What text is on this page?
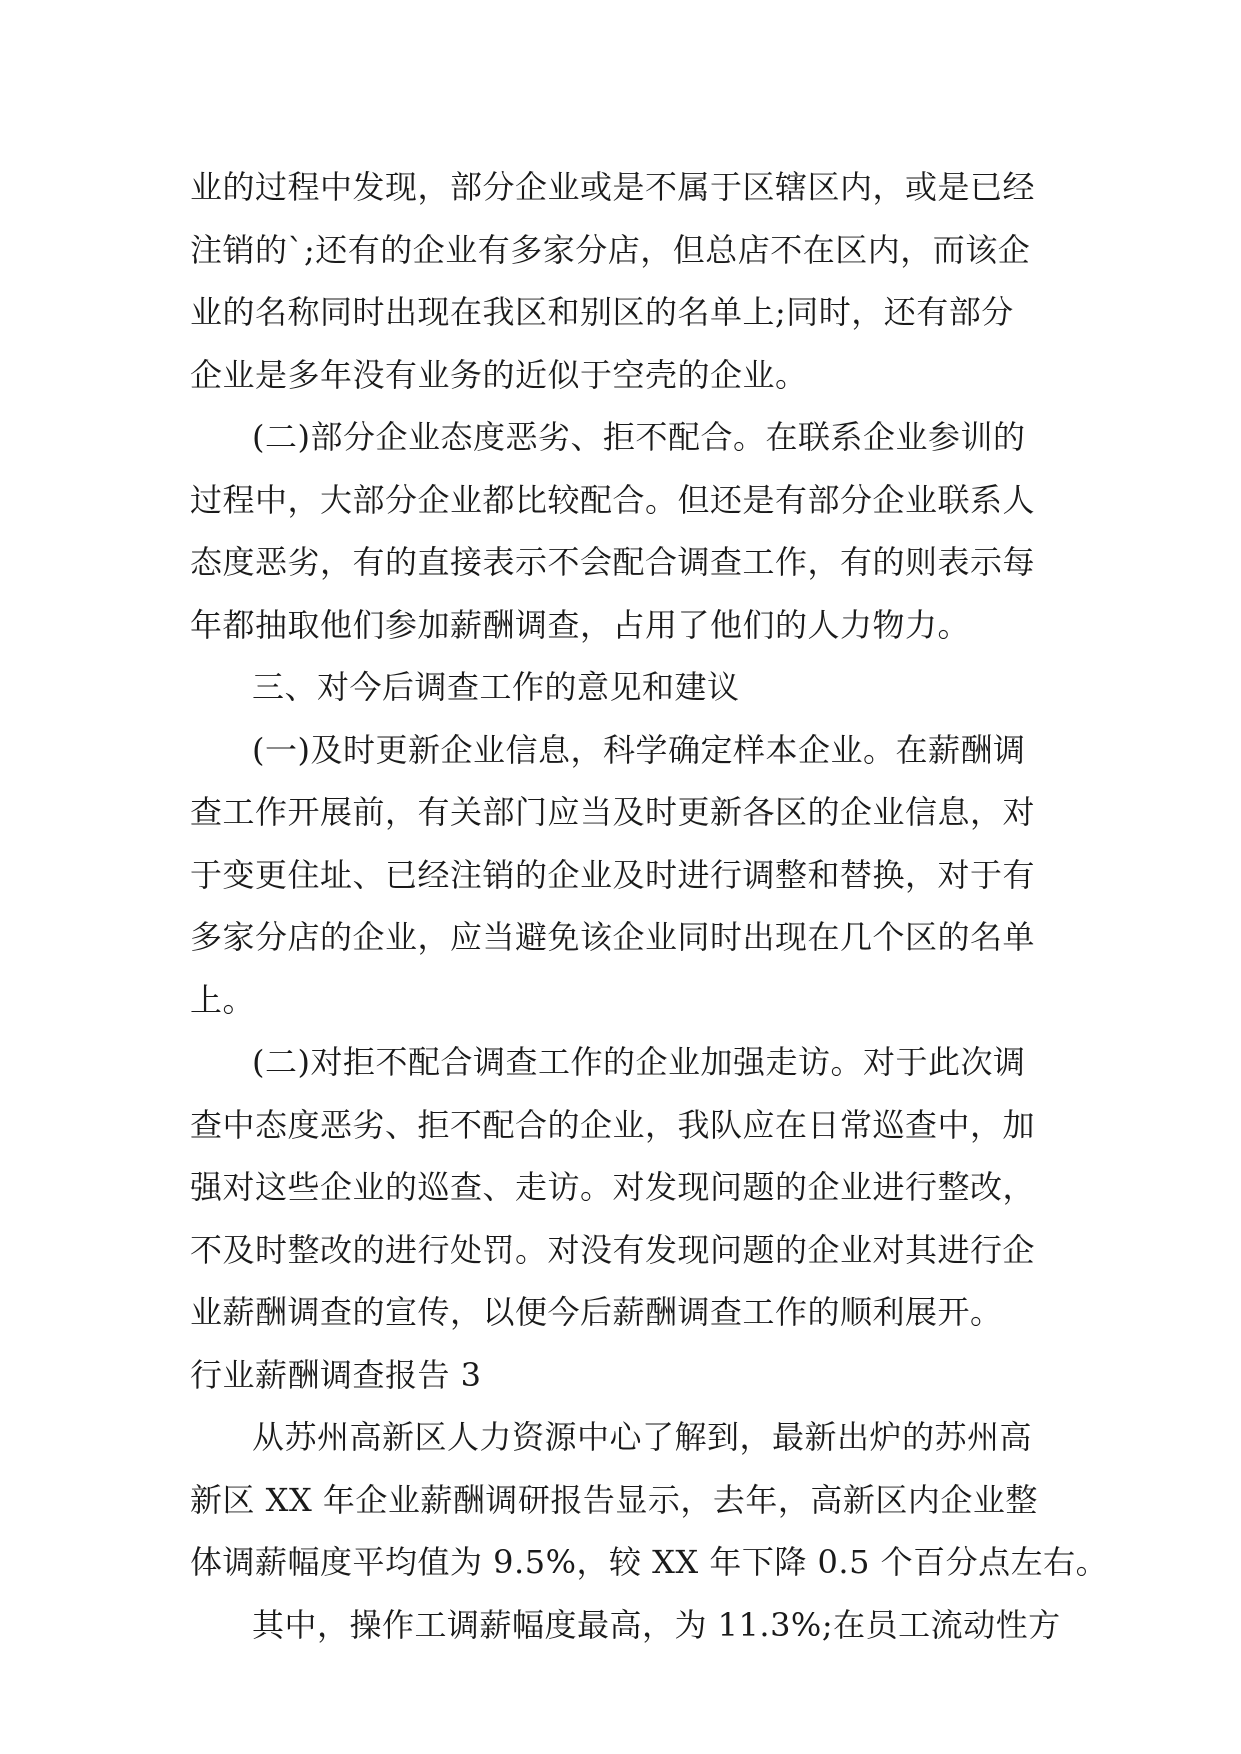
业的过程中发现，部分企业或是不属于区辖区内，或是已经
注销的`;还有的企业有多家分店，但总店不在区内，而该企
业的名称同时出现在我区和别区的名单上;同时，还有部分
企业是多年没有业务的近似于空壳的企业。
(二)部分企业态度恶劣、拒不配合。在联系企业参训的
过程中，大部分企业都比较配合。但还是有部分企业联系人
态度恶劣，有的直接表示不会配合调查工作，有的则表示每
年都抽取他们参加薪酬调查，占用了他们的人力物力。
三、对今后调查工作的意见和建议
(一)及时更新企业信息，科学确定样本企业。在薪酬调
查工作开展前，有关部门应当及时更新各区的企业信息，对
于变更住址、已经注销的企业及时进行调整和替换，对于有
多家分店的企业，应当避免该企业同时出现在几个区的名单
上。
(二)对拒不配合调查工作的企业加强走访。对于此次调
查中态度恶劣、拒不配合的企业，我队应在日常巡查中，加
强对这些企业的巡查、走访。对发现问题的企业进行整改，
不及时整改的进行处罚。对没有发现问题的企业对其进行企
业薪酬调查的宣传，以便今后薪酬调查工作的顺利展开。
行业薪酬调查报告 3
从苏州高新区人力资源中心了解到，最新出炉的苏州高
新区 XX 年企业薪酬调研报告显示，去年，高新区内企业整
体调薪幅度平均值为 9.5%，较 XX 年下降 0.5 个百分点左右。
其中，操作工调薪幅度最高，为 11.3%;在员工流动性方
